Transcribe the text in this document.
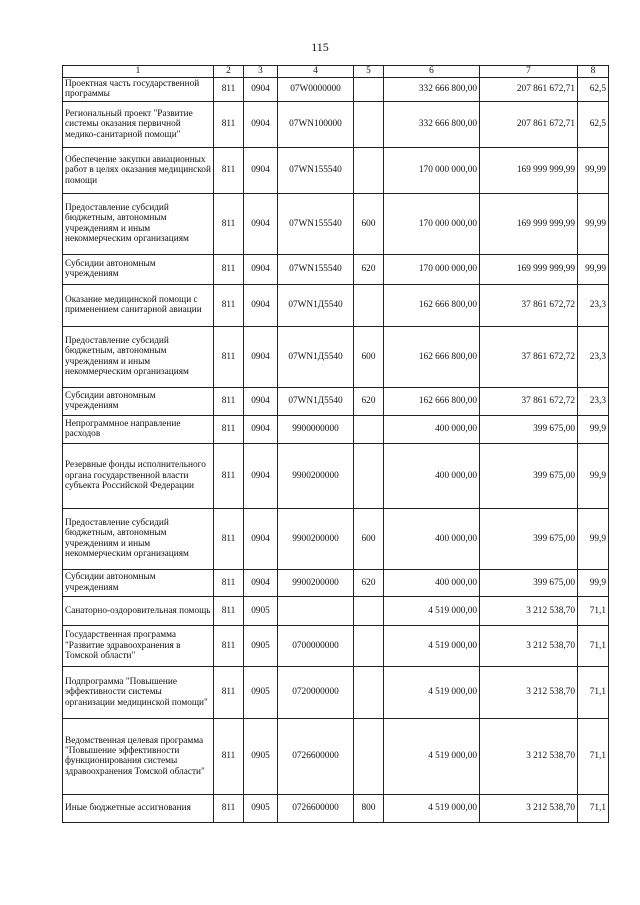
115
1	2	3	4	5	6	7	8
Проектная часть государственной программы	811	0904	07W0000000		332 666 800,00	207 861 672,71	62,5
Региональный проект "Развитие системы оказания первичной медико-санитарной помощи"	811	0904	07WN100000		332 666 800,00	207 861 672,71	62,5
Обеспечение закупки авиационных работ в целях оказания медицинской помощи	811	0904	07WN155540		170 000 000,00	169 999 999,99	99,99
Предоставление субсидий бюджетным, автономным учреждениям и иным некоммерческим организациям	811	0904	07WN155540	600	170 000 000,00	169 999 999,99	99,99
Субсидии автономным учреждениям	811	0904	07WN155540	620	170 000 000,00	169 999 999,99	99,99
Оказание медицинской помощи с применением санитарной авиации	811	0904	07WN1Д5540		162 666 800,00	37 861 672,72	23,3
Предоставление субсидий бюджетным, автономным учреждениям и иным некоммерческим организациям	811	0904	07WN1Д5540	600	162 666 800,00	37 861 672,72	23,3
Субсидии автономным учреждениям	811	0904	07WN1Д5540	620	162 666 800,00	37 861 672,72	23,3
Непрограммное направление расходов	811	0904	9900000000		400 000,00	399 675,00	99,9
Резервные фонды исполнительного органа государственной власти субъекта Российской Федерации	811	0904	9900200000		400 000,00	399 675,00	99,9
Предоставление субсидий бюджетным, автономным учреждениям и иным некоммерческим организациям	811	0904	9900200000	600	400 000,00	399 675,00	99,9
Субсидии автономным учреждениям	811	0904	9900200000	620	400 000,00	399 675,00	99,9
Санаторно-оздоровительная помощь	811	0905			4 519 000,00	3 212 538,70	71,1
Государственная программа "Развитие здравоохранения в Томской области"	811	0905	0700000000		4 519 000,00	3 212 538,70	71,1
Подпрограмма "Повышение эффективности системы организации медицинской помощи"	811	0905	0720000000		4 519 000,00	3 212 538,70	71,1
Ведомственная целевая программа "Повышение эффективности функционирования системы здравоохранения Томской области"	811	0905	0726600000		4 519 000,00	3 212 538,70	71,1
Иные бюджетные ассигнования	811	0905	0726600000	800	4 519 000,00	3 212 538,70	71,1
